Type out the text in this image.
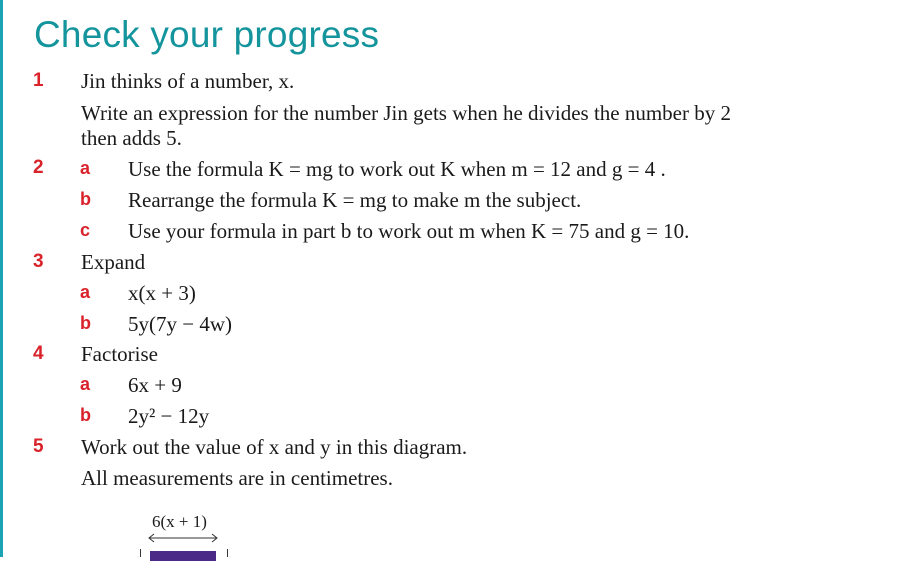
Check your progress
1 Jin thinks of a number, x.
Write an expression for the number Jin gets when he divides the number by 2
then adds 5.
2 a Use the formula K = mg to work out K when m = 12 and g = 4 .
b Rearrange the formula K = mg to make m the subject.
c Use your formula in part b to work out m when K = 75 and g = 10.
3 Expand
a x(x + 3)
b 5y(7y − 4w)
4 Factorise
a 6x + 9
b 2y² − 12y
5 Work out the value of x and y in this diagram.
All measurements are in centimetres.
6(x + 1)
